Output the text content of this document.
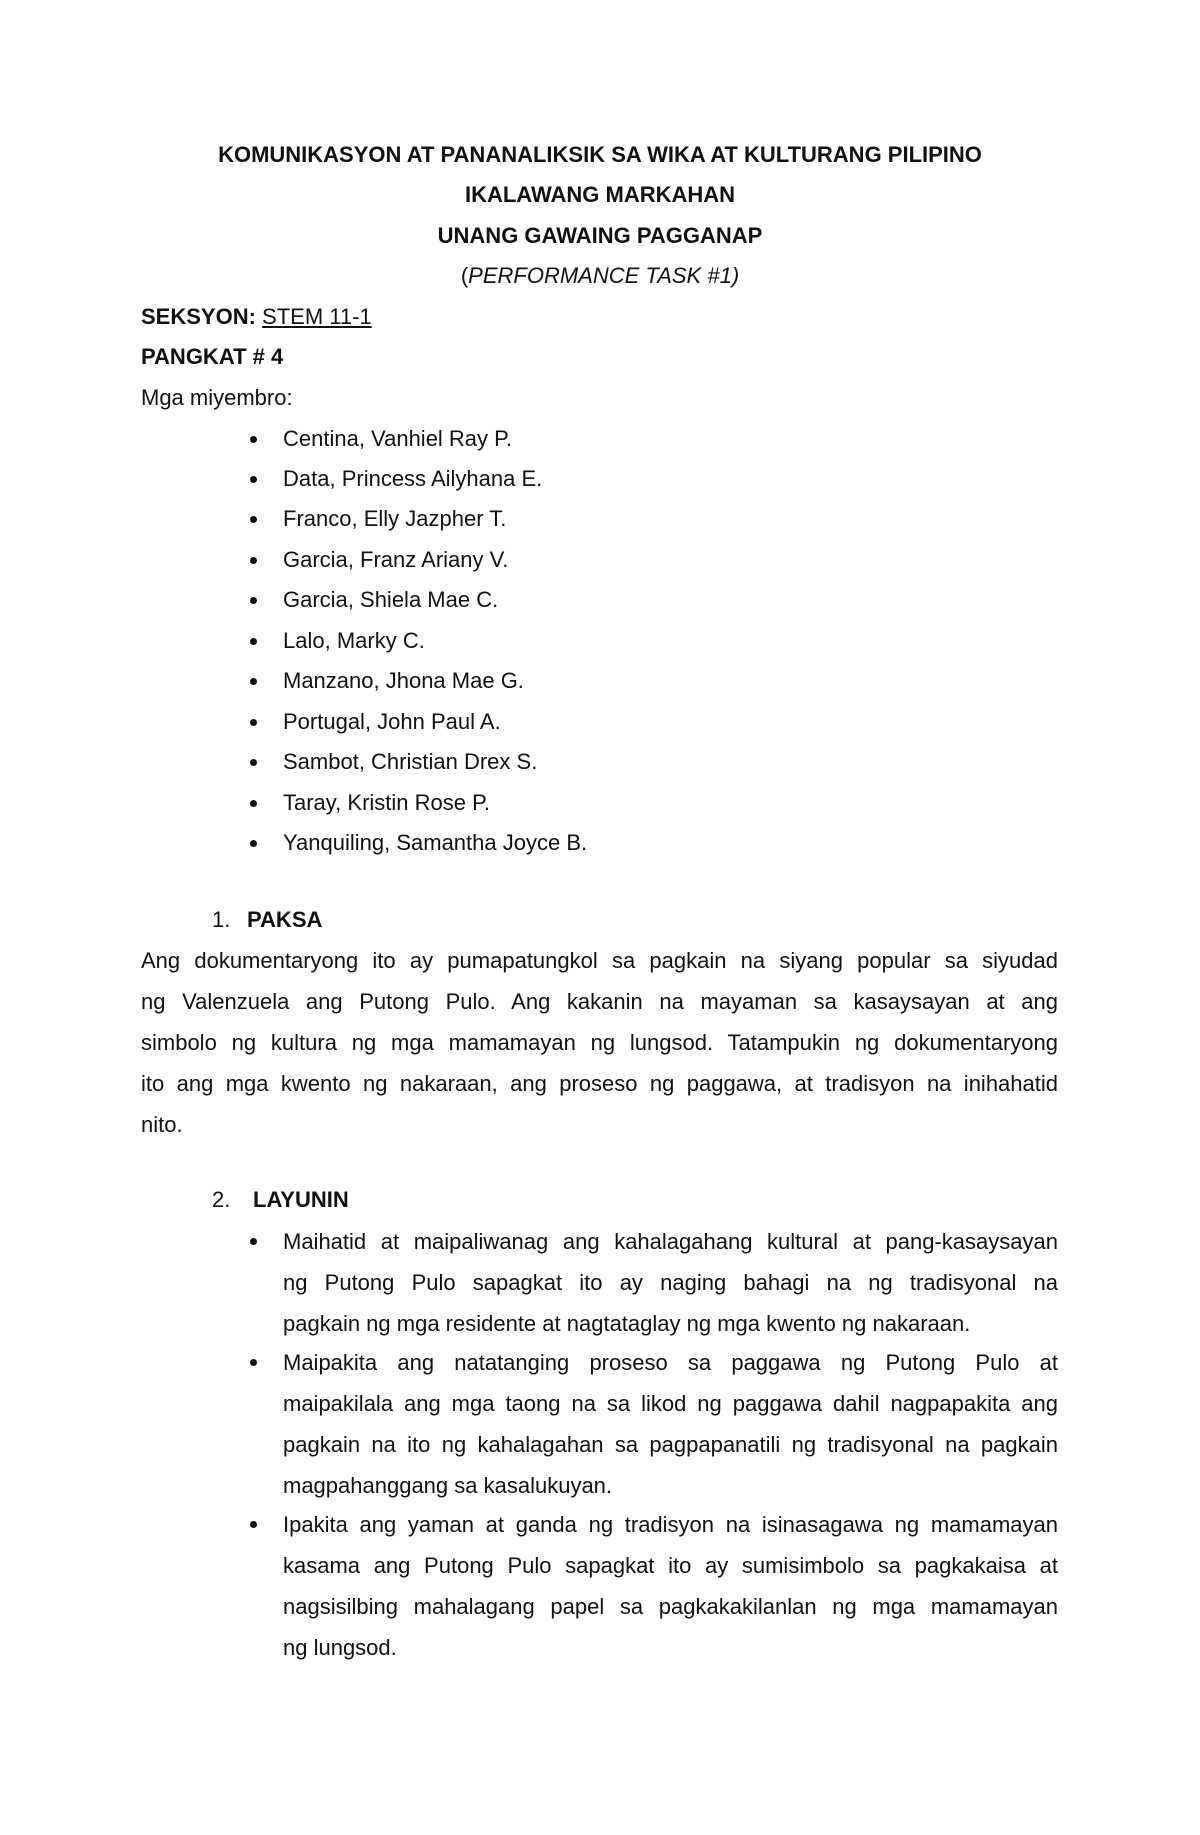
KOMUNIKASYON AT PANANALIKSIK SA WIKA AT KULTURANG PILIPINO
IKALAWANG MARKAHAN
UNANG GAWAING PAGGANAP
(PERFORMANCE TASK #1)
SEKSYON: STEM 11-1
PANGKAT # 4
Mga miyembro:
Centina, Vanhiel Ray P.
Data, Princess Ailyhana E.
Franco, Elly Jazpher T.
Garcia, Franz Ariany V.
Garcia, Shiela Mae C.
Lalo, Marky C.
Manzano, Jhona Mae G.
Portugal, John Paul A.
Sambot, Christian Drex S.
Taray, Kristin Rose P.
Yanquiling, Samantha Joyce B.
1. PAKSA
Ang dokumentaryong ito ay pumapatungkol sa pagkain na siyang popular sa siyudad
ng Valenzuela ang Putong Pulo. Ang kakanin na mayaman sa kasaysayan at ang
simbolo ng kultura ng mga mamamayan ng lungsod. Tatampukin ng dokumentaryong
ito ang mga kwento ng nakaraan, ang proseso ng paggawa, at tradisyon na inihahatid
nito.
2. LAYUNIN
Maihatid at maipaliwanag ang kahalagahang kultural at pang-kasaysayan
ng Putong Pulo sapagkat ito ay naging bahagi na ng tradisyonal na
pagkain ng mga residente at nagtataglay ng mga kwento ng nakaraan.
Maipakita ang natatanging proseso sa paggawa ng Putong Pulo at
maipakilala ang mga taong na sa likod ng paggawa dahil nagpapakita ang
pagkain na ito ng kahalagahan sa pagpapanatili ng tradisyonal na pagkain
magpahanggang sa kasalukuyan.
Ipakita ang yaman at ganda ng tradisyon na isinasagawa ng mamamayan
kasama ang Putong Pulo sapagkat ito ay sumisimbolo sa pagkakaisa at
nagsisilbing mahalagang papel sa pagkakakilanlan ng mga mamamayan
ng lungsod.
